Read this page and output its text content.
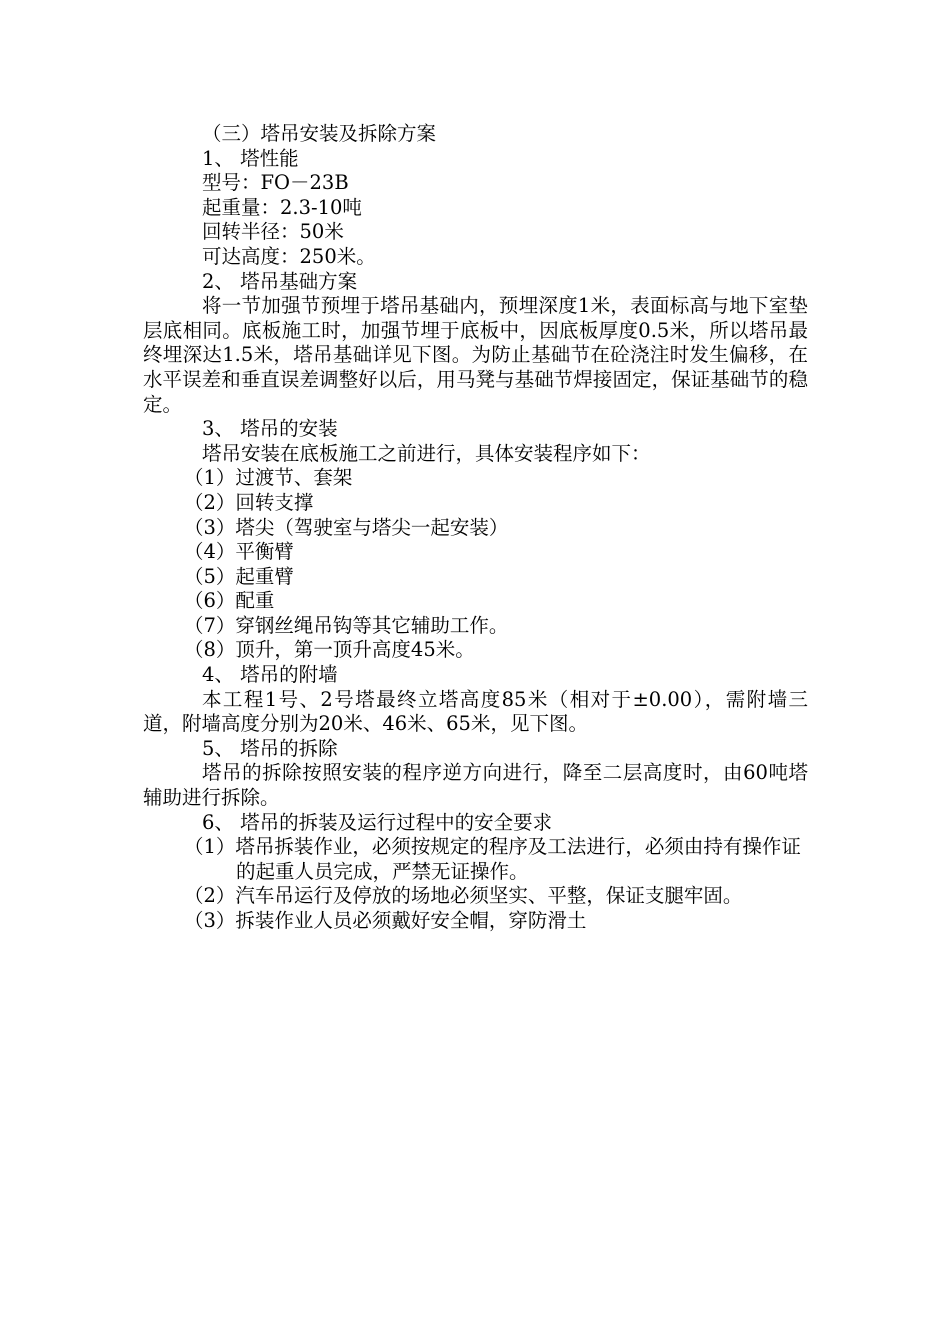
（三）塔吊安装及拆除方案
1、 塔性能
型号：FO－23B
起重量：2.3-10吨
回转半径：50米
可达高度：250米。
2、 塔吊基础方案
将一节加强节预埋于塔吊基础内，预埋深度1米，表面标高与地下室垫层底相同。底板施工时，加强节埋于底板中，因底板厚度0.5米，所以塔吊最终埋深达1.5米，塔吊基础详见下图。为防止基础节在砼浇注时发生偏移，在水平误差和垂直误差调整好以后，用马凳与基础节焊接固定，保证基础节的稳定。
3、 塔吊的安装
塔吊安装在底板施工之前进行，具体安装程序如下：
（1）过渡节、套架
（2）回转支撑
（3）塔尖（驾驶室与塔尖一起安装）
（4）平衡臂
（5）起重臂
（6）配重
（7）穿钢丝绳吊钩等其它辅助工作。
（8）顶升，第一顶升高度45米。
4、 塔吊的附墙
本工程1号、2号塔最终立塔高度85米（相对于±0.00），需附墙三道，附墙高度分别为20米、46米、65米，见下图。
5、 塔吊的拆除
塔吊的拆除按照安装的程序逆方向进行，降至二层高度时，由60吨塔辅助进行拆除。
6、 塔吊的拆装及运行过程中的安全要求
（1）塔吊拆装作业，必须按规定的程序及工法进行，必须由持有操作证的起重人员完成，严禁无证操作。
（2）汽车吊运行及停放的场地必须坚实、平整，保证支腿牢固。
（3）拆装作业人员必须戴好安全帽，穿防滑土
